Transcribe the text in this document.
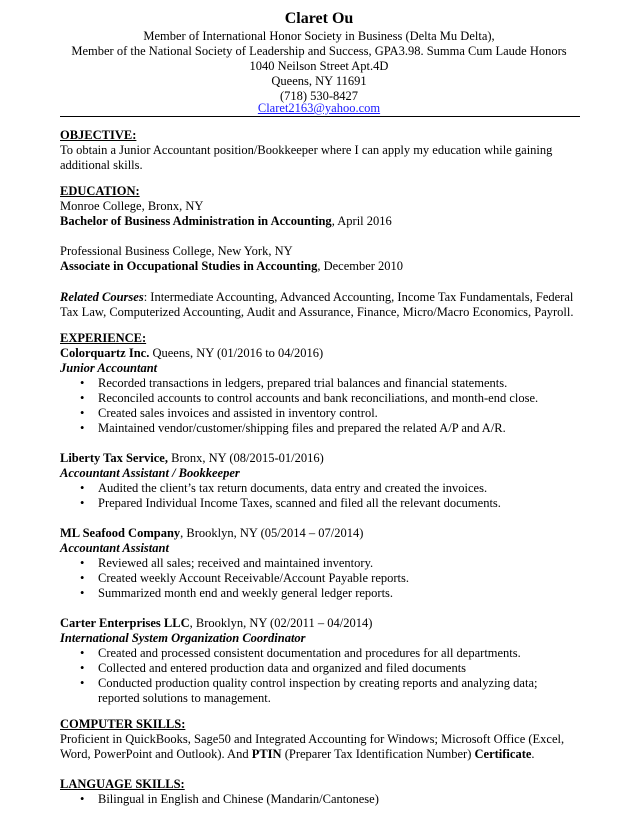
Claret Ou
Member of International Honor Society in Business (Delta Mu Delta),
Member of the National Society of Leadership and Success, GPA3.98. Summa Cum Laude Honors
1040 Neilson Street Apt.4D
Queens, NY 11691
(718) 530-8427
Claret2163@yahoo.com
OBJECTIVE:
To obtain a Junior Accountant position/Bookkeeper where I can apply my education while gaining
additional skills.
EDUCATION:
Monroe College, Bronx, NY
Bachelor of Business Administration in Accounting, April 2016
Professional Business College, New York, NY
Associate in Occupational Studies in Accounting, December 2010
Related Courses: Intermediate Accounting, Advanced Accounting, Income Tax Fundamentals, Federal
Tax Law, Computerized Accounting, Audit and Assurance, Finance, Micro/Macro Economics, Payroll.
EXPERIENCE:
Colorquartz Inc. Queens, NY (01/2016 to 04/2016)
Junior Accountant
• Recorded transactions in ledgers, prepared trial balances and financial statements.
• Reconciled accounts to control accounts and bank reconciliations, and month-end close.
• Created sales invoices and assisted in inventory control.
• Maintained vendor/customer/shipping files and prepared the related A/P and A/R.
Liberty Tax Service, Bronx, NY (08/2015-01/2016)
Accountant Assistant / Bookkeeper
• Audited the client’s tax return documents, data entry and created the invoices.
• Prepared Individual Income Taxes, scanned and filed all the relevant documents.
ML Seafood Company, Brooklyn, NY (05/2014 – 07/2014)
Accountant Assistant
• Reviewed all sales; received and maintained inventory.
• Created weekly Account Receivable/Account Payable reports.
• Summarized month end and weekly general ledger reports.
Carter Enterprises LLC, Brooklyn, NY (02/2011 – 04/2014)
International System Organization Coordinator
• Created and processed consistent documentation and procedures for all departments.
• Collected and entered production data and organized and filed documents
• Conducted production quality control inspection by creating reports and analyzing data;
reported solutions to management.
COMPUTER SKILLS:
Proficient in QuickBooks, Sage50 and Integrated Accounting for Windows; Microsoft Office (Excel,
Word, PowerPoint and Outlook). And PTIN (Preparer Tax Identification Number) Certificate.
LANGUAGE SKILLS:
• Bilingual in English and Chinese (Mandarin/Cantonese)
